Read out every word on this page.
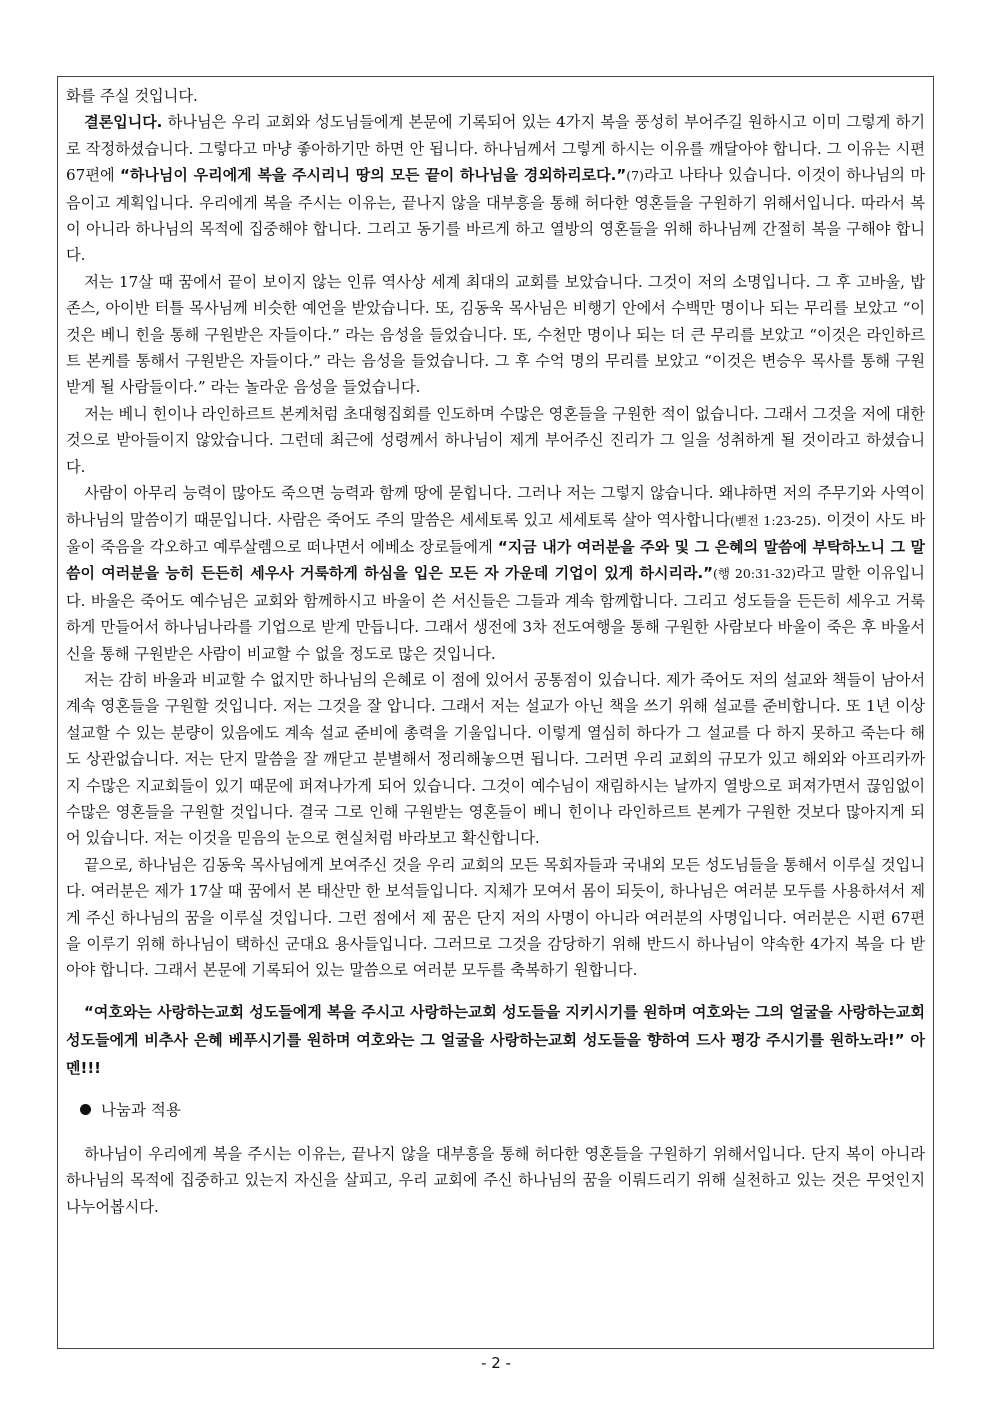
화를 주실 것입니다.

결론입니다. 하나님은 우리 교회와 성도님들에게 본문에 기록되어 있는 4가지 복을 풍성히 부어주길 원하시고 이미 그렇게 하기로 작정하셨습니다. 그렇다고 마냥 좋아하기만 하면 안 됩니다. 하나님께서 그렇게 하시는 이유를 깨달아야 합니다. 그 이유는 시편 67편에 “하나님이 우리에게 복을 주시리니 땅의 모든 끝이 하나님을 경외하리로다.”(7)라고 나타나 있습니다. 이것이 하나님의 마음이고 계획입니다. 우리에게 복을 주시는 이유는, 끝나지 않을 대부흥을 통해 허다한 영혼들을 구원하기 위해서입니다. 따라서 복이 아니라 하나님의 목적에 집중해야 합니다. 그리고 동기를 바르게 하고 열방의 영혼들을 위해 하나님께 간절히 복을 구해야 합니다.

저는 17살 때 꿈에서 끝이 보이지 않는 인류 역사상 세계 최대의 교회를 보았습니다. 그것이 저의 소명입니다. 그 후 고바울, 밥 존스, 아이반 터틀 목사님께 비슷한 예언을 받았습니다. 또, 김동욱 목사님은 비행기 안에서 수백만 명이나 되는 무리를 보았고 “이것은 베니 힌을 통해 구원받은 자들이다.” 라는 음성을 들었습니다. 또, 수천만 명이나 되는 더 큰 무리를 보았고 “이것은 라인하르트 본케를 통해서 구원받은 자들이다.” 라는 음성을 들었습니다. 그 후 수억 명의 무리를 보았고 “이것은 변승우 목사를 통해 구원받게 될 사람들이다.” 라는 놀라운 음성을 들었습니다.

저는 베니 힌이나 라인하르트 본케처럼 초대형집회를 인도하며 수많은 영혼들을 구원한 적이 없습니다. 그래서 그것을 저에 대한 것으로 받아들이지 않았습니다. 그런데 최근에 성령께서 하나님이 제게 부어주신 진리가 그 일을 성취하게 될 것이라고 하셨습니다.

사람이 아무리 능력이 많아도 죽으면 능력과 함께 땅에 묻힙니다. 그러나 저는 그렇지 않습니다. 왜냐하면 저의 주무기와 사역이 하나님의 말씀이기 때문입니다. 사람은 죽어도 주의 말씀은 세세토록 있고 세세토록 살아 역사합니다(벧전 1:23-25). 이것이 사도 바울이 죽음을 각오하고 예루살렘으로 떠나면서 에베소 장로들에게 “지금 내가 여러분을 주와 및 그 은혜의 말씀에 부탁하노니 그 말씀이 여러분을 능히 든든히 세우사 거룩하게 하심을 입은 모든 자 가운데 기업이 있게 하시리라.”(행 20:31-32)라고 말한 이유입니다. 바울은 죽어도 예수님은 교회와 함께하시고 바울이 쓴 서신들은 그들과 계속 함께합니다. 그리고 성도들을 든든히 세우고 거룩하게 만들어서 하나님나라를 기업으로 받게 만듭니다. 그래서 생전에 3차 전도여행을 통해 구원한 사람보다 바울이 죽은 후 바울서신을 통해 구원받은 사람이 비교할 수 없을 정도로 많은 것입니다.

저는 감히 바울과 비교할 수 없지만 하나님의 은혜로 이 점에 있어서 공통점이 있습니다. 제가 죽어도 저의 설교와 책들이 남아서 계속 영혼들을 구원할 것입니다. 저는 그것을 잘 압니다. 그래서 저는 설교가 아닌 책을 쓰기 위해 설교를 준비합니다. 또 1년 이상 설교할 수 있는 분량이 있음에도 계속 설교 준비에 총력을 기울입니다. 이렇게 열심히 하다가 그 설교를 다 하지 못하고 죽는다 해도 상관없습니다. 저는 단지 말씀을 잘 깨닫고 분별해서 정리해놓으면 됩니다. 그러면 우리 교회의 규모가 있고 해외와 아프리카까지 수많은 지교회들이 있기 때문에 퍼져나가게 되어 있습니다. 그것이 예수님이 재림하시는 날까지 열방으로 퍼져가면서 끊임없이 수많은 영혼들을 구원할 것입니다. 결국 그로 인해 구원받는 영혼들이 베니 힌이나 라인하르트 본케가 구원한 것보다 많아지게 되어 있습니다. 저는 이것을 믿음의 눈으로 현실처럼 바라보고 확신합니다.

끝으로, 하나님은 김동욱 목사님에게 보여주신 것을 우리 교회의 모든 목회자들과 국내외 모든 성도님들을 통해서 이루실 것입니다. 여러분은 제가 17살 때 꿈에서 본 태산만 한 보석들입니다. 지체가 모여서 몸이 되듯이, 하나님은 여러분 모두를 사용하셔서 제게 주신 하나님의 꿈을 이루실 것입니다. 그런 점에서 제 꿈은 단지 저의 사명이 아니라 여러분의 사명입니다. 여러분은 시편 67편을 이루기 위해 하나님이 택하신 군대요 용사들입니다. 그러므로 그것을 감당하기 위해 반드시 하나님이 약속한 4가지 복을 다 받아야 합니다. 그래서 본문에 기록되어 있는 말씀으로 여러분 모두를 축복하기 원합니다.

“여호와는 사랑하는교회 성도들에게 복을 주시고 사랑하는교회 성도들을 지키시기를 원하며 여호와는 그의 얼굴을 사랑하는교회 성도들에게 비추사 은혜 베푸시기를 원하며 여호와는 그 얼굴을 사랑하는교회 성도들을 향하여 드사 평강 주시기를 원하노라!” 아멘!!!

나눔과 적용

하나님이 우리에게 복을 주시는 이유는, 끝나지 않을 대부흥을 통해 허다한 영혼들을 구원하기 위해서입니다. 단지 복이 아니라 하나님의 목적에 집중하고 있는지 자신을 살피고, 우리 교회에 주신 하나님의 꿈을 이뤄드리기 위해 실천하고 있는 것은 무엇인지 나누어봅시다.

- 2 -
